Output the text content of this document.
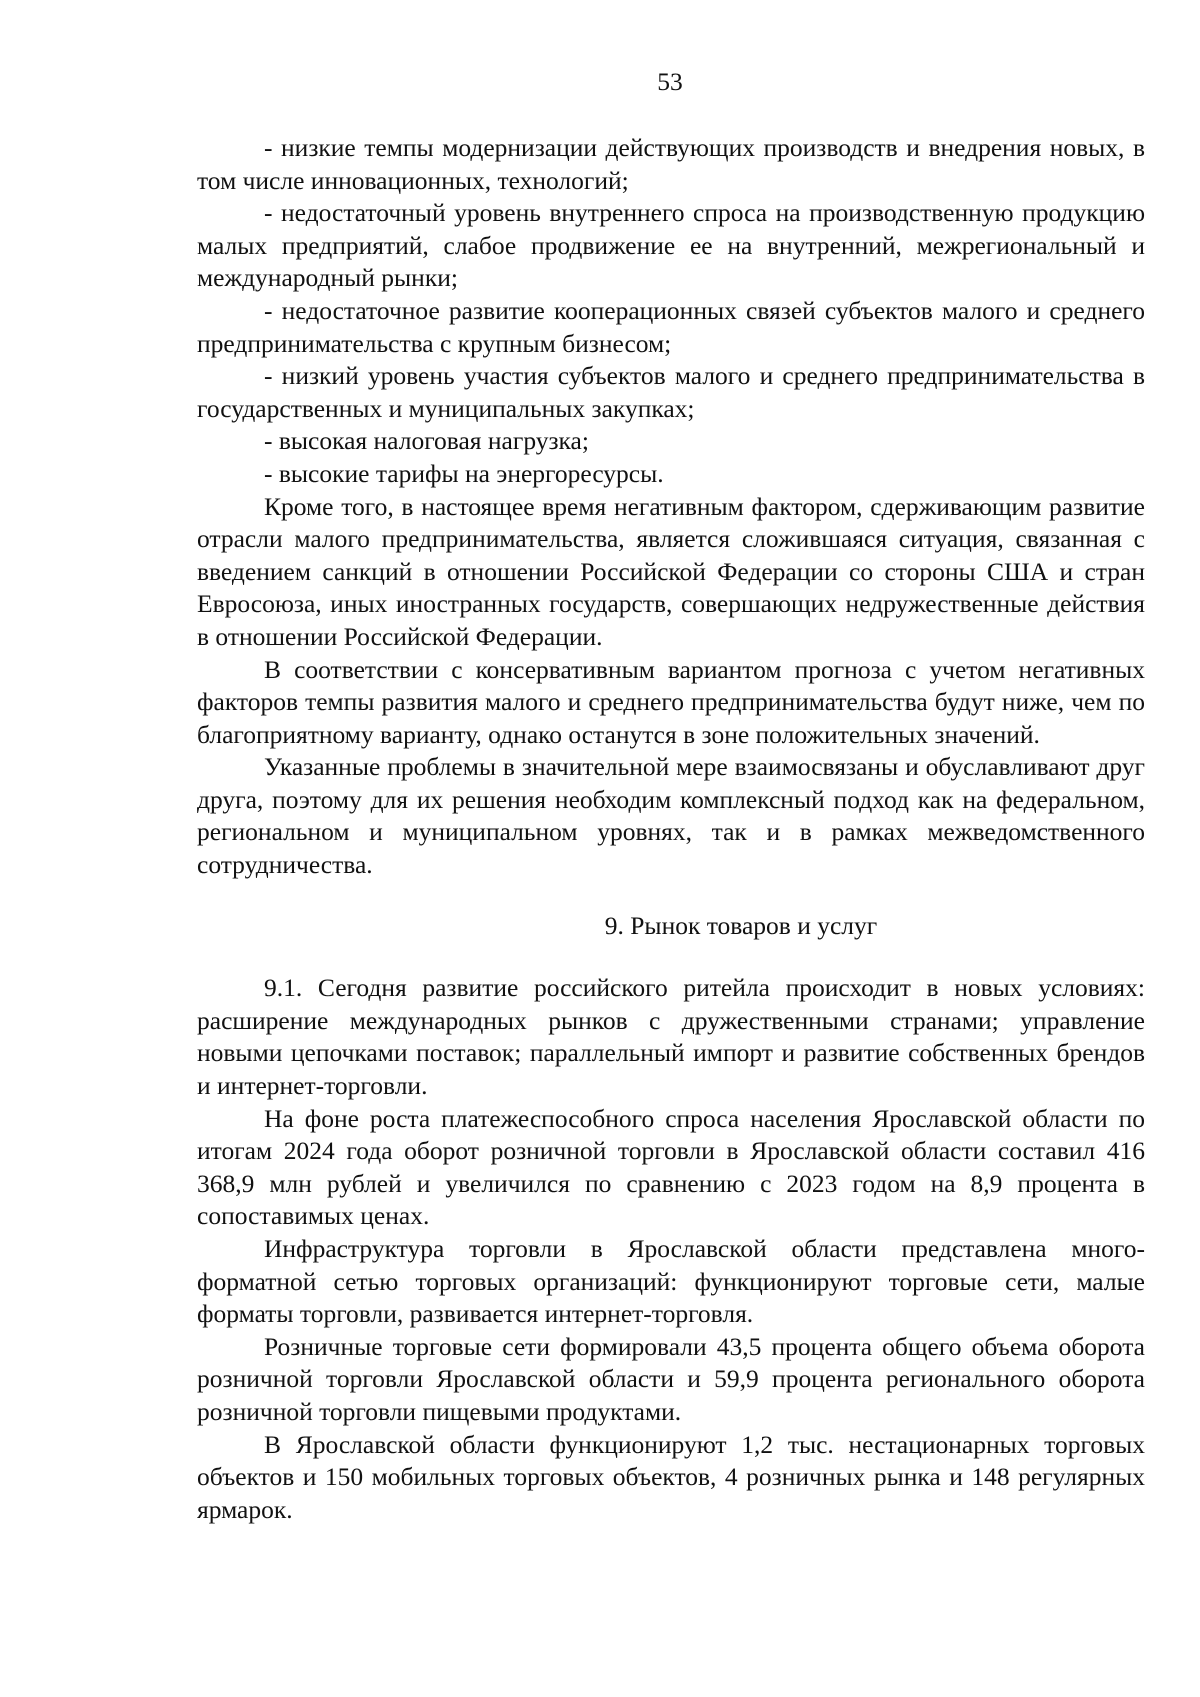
53

- низкие темпы модернизации действующих производств и внедрения новых, в том числе инновационных, технологий;

- недостаточный уровень внутреннего спроса на производственную продукцию малых предприятий, слабое продвижение ее на внутренний, межрегиональный и международный рынки;

- недостаточное развитие кооперационных связей субъектов малого и среднего предпринимательства с крупным бизнесом;

- низкий уровень участия субъектов малого и среднего предпринимательства в государственных и муниципальных закупках;

- высокая налоговая нагрузка;

- высокие тарифы на энергоресурсы.

Кроме того, в настоящее время негативным фактором, сдерживающим развитие отрасли малого предпринимательства, является сложившаяся ситуация, связанная с введением санкций в отношении Российской Федерации со стороны США и стран Евросоюза, иных иностранных государств, совершающих недружественные действия в отношении Российской Федерации.

В соответствии с консервативным вариантом прогноза с учетом негативных факторов темпы развития малого и среднего предпринимательства будут ниже, чем по благоприятному варианту, однако останутся в зоне положительных значений.

Указанные проблемы в значительной мере взаимосвязаны и обуславливают друг друга, поэтому для их решения необходим комплексный подход как на федеральном, региональном и муниципальном уровнях, так и в рамках межведомственного сотрудничества.

9. Рынок товаров и услуг

9.1. Сегодня развитие российского ритейла происходит в новых условиях: расширение международных рынков с дружественными странами; управление новыми цепочками поставок; параллельный импорт и развитие собственных брендов и интернет-торговли.

На фоне роста платежеспособного спроса населения Ярославской области по итогам 2024 года оборот розничной торговли в Ярославской области составил 416 368,9 млн рублей и увеличился по сравнению с 2023 годом на 8,9 процента в сопоставимых ценах.

Инфраструктура торговли в Ярославской области представлена многоформатной сетью торговых организаций: функционируют торговые сети, малые форматы торговли, развивается интернет-торговля.

Розничные торговые сети формировали 43,5 процента общего объема оборота розничной торговли Ярославской области и 59,9 процента регионального оборота розничной торговли пищевыми продуктами.

В Ярославской области функционируют 1,2 тыс. нестационарных торговых объектов и 150 мобильных торговых объектов, 4 розничных рынка и 148 регулярных ярмарок.
